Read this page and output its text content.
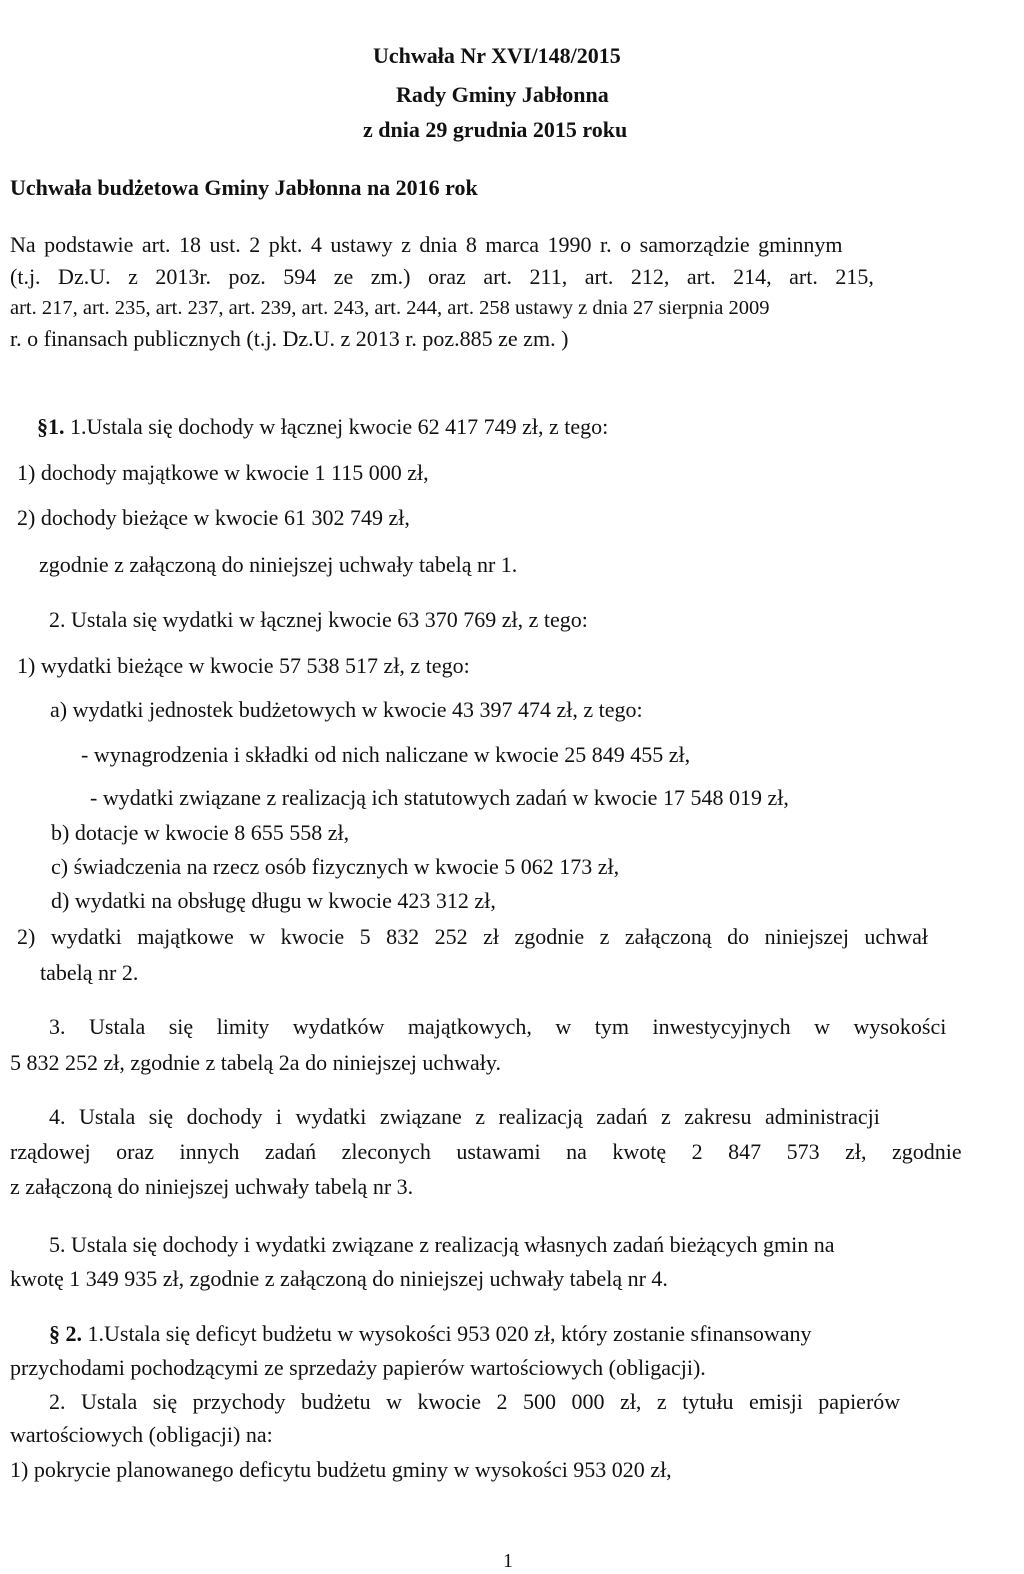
Uchwała Nr XVI/148/2015
Rady Gminy Jabłonna
z dnia 29 grudnia 2015 roku
Uchwała budżetowa Gminy Jabłonna na 2016 rok
Na podstawie art. 18 ust. 2 pkt. 4 ustawy z dnia 8 marca 1990 r. o samorządzie gminnym
(t.j. Dz.U. z 2013r. poz. 594 ze zm.) oraz art. 211, art. 212, art. 214, art. 215,
art. 217, art. 235, art. 237, art. 239, art. 243, art. 244, art. 258 ustawy z dnia 27 sierpnia 2009
r. o finansach publicznych (t.j. Dz.U. z 2013 r. poz.885 ze zm. )
§1. 1.Ustala się dochody w łącznej kwocie 62 417 749 zł, z tego:
1) dochody majątkowe w kwocie 1 115 000 zł,
2) dochody bieżące w kwocie 61 302 749 zł,
zgodnie z załączoną do niniejszej uchwały tabelą nr 1.
2. Ustala się wydatki w łącznej kwocie 63 370 769 zł, z tego:
1) wydatki bieżące w kwocie 57 538 517 zł, z tego:
a) wydatki jednostek budżetowych w kwocie 43 397 474 zł, z tego:
- wynagrodzenia i składki od nich naliczane w kwocie 25 849 455 zł,
- wydatki związane z realizacją ich statutowych zadań w kwocie 17 548 019 zł,
b) dotacje w kwocie 8 655 558 zł,
c) świadczenia na rzecz osób fizycznych w kwocie 5 062 173 zł,
d) wydatki na obsługę długu w kwocie 423 312 zł,
2) wydatki majątkowe w kwocie 5 832 252 zł zgodnie z załączoną do niniejszej uchwał
tabelą nr 2.
3. Ustala się limity wydatków majątkowych, w tym inwestycyjnych w wysokości
5 832 252 zł, zgodnie z tabelą 2a do niniejszej uchwały.
4. Ustala się dochody i wydatki związane z realizacją zadań z zakresu administracji
rządowej oraz innych zadań zleconych ustawami na kwotę 2 847 573 zł, zgodnie
z załączoną do niniejszej uchwały tabelą nr 3.
5. Ustala się dochody i wydatki związane z realizacją własnych zadań bieżących gmin na
kwotę 1 349 935 zł, zgodnie z załączoną do niniejszej uchwały tabelą nr 4.
§ 2. 1.Ustala się deficyt budżetu w wysokości 953 020 zł, który zostanie sfinansowany
przychodami pochodzącymi ze sprzedaży papierów wartościowych (obligacji).
2. Ustala się przychody budżetu w kwocie 2 500 000 zł, z tytułu emisji papierów
wartościowych (obligacji) na:
1) pokrycie planowanego deficytu budżetu gminy w wysokości 953 020 zł,
1
